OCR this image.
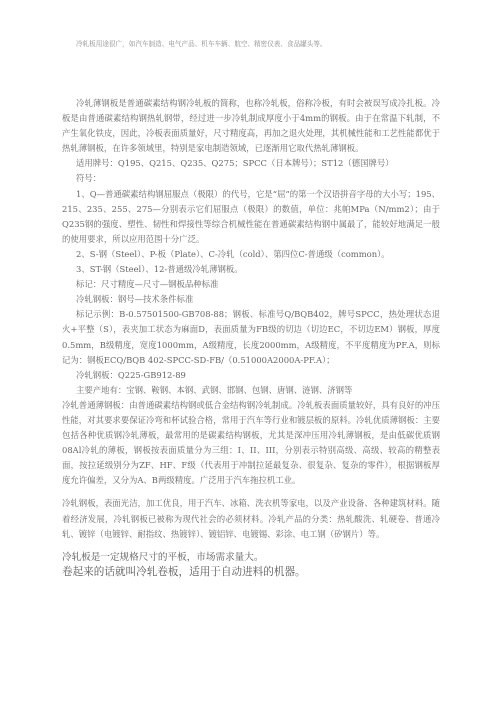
冷轧板用途很广，如汽车制造、电气产品、机车车辆、航空、精密仪表、食品罐头等。

冷轧薄钢板是普通碳素结构钢冷轧板的简称，也称冷轧板，俗称冷板，有时会被误写成冷扎板。冷板是由普通碳素结构钢热轧钢带，经过进一步冷轧制成厚度小于4mm的钢板。由于在常温下轧制，不产生氧化铁皮，因此，冷板表面质量好，尺寸精度高，再加之退火处理，其机械性能和工艺性能都优于热轧薄钢板，在许多领域里，特别是家电制造领域，已逐渐用它取代热轧薄钢板。

适用牌号：Q195、Q215、Q235、Q275；SPCC（日本牌号）；ST12（德国牌号）

符号：

1、Q—普通碳素结构钢屈服点（极限）的代号，它是“屈”的第一个汉语拼音字母的大小写；195、215、235、255、275—分别表示它们屈服点（极限）的数值，单位：兆帕MPa（N/mm2）；由于Q235钢的强度、塑性、韧性和焊接性等综合机械性能在普通碳素结构钢中属最了，能较好地满足一般的使用要求，所以应用范围十分广泛。

2、S-钢（Steel）、P-板（Plate）、C-冷轧（cold）、第四位C-普通级（common）。

3、ST-钢（Steel）、12-普通级冷轧薄钢板。

标记：尺寸精度—尺寸—钢板品种标准

冷轧钢板：钢号—技术条件标准

标记示例：B-0.57501500-GB708-88；钢板、标准号Q/BQB402，牌号SPCC，热处理状态退火+平整（S），表夹加工状态为麻面D，表面质量为FB级的切边（切边EC，不切边EM）钢板，厚度0.5mm，B级精度，宽度1000mm，A级精度，长度2000mm，A级精度，不平度精度为PF.A，则标记为：钢板ECQ/BQB 402-SPCC-SD-FB/（0.51000A2000A-PF.A）；

冷轧钢板：Q225-GB912-89

主要产地有：宝钢、鞍钢、本钢、武钢、邯钢、包钢、唐钢、涟钢、济钢等

冷轧普通薄钢板：由普通碳素结构钢或低合金结构钢冷轧制成。冷轧板表面质量较好，具有良好的冲压性能，对其要求要保证冷弯和杯试验合格，常用于汽车等行业和镀层板的原料。冷轧优质薄钢板：主要包括各种优质钢冷轧薄板，最常用的是碳素结构钢板，尤其是深冲压用冷轧薄钢板，是由低碳优质钢08Al冷轧的薄板，钢板按表面质量分为三组：I、II、III，分别表示特别高级、高级、较高的精整表面，按拉延级别分为ZF、HF、F级（代表用于冲制拉延最复杂、很复杂、复杂的零件），根据钢板厚度允许偏差，又分为A、B两级精度。广泛用于汽车拖拉机工业。

冷轧钢板，表面光洁，加工优良，用于汽车、冰箱、洗衣机等家电，以及产业设备、各种建筑材料。随着经济发展，冷轧钢板已被称为现代社会的必须材料。冷轧产品的分类：热轧酸洗、轧硬卷、普通冷轧、镀锌（电镀锌、耐指纹、热镀锌）、镀铝锌、电镀锡、彩涂、电工钢（矽钢片）等。

冷轧板是一定规格尺寸的平板，市场需求量大。

卷起来的话就叫冷轧卷板，适用于自动进料的机器。
